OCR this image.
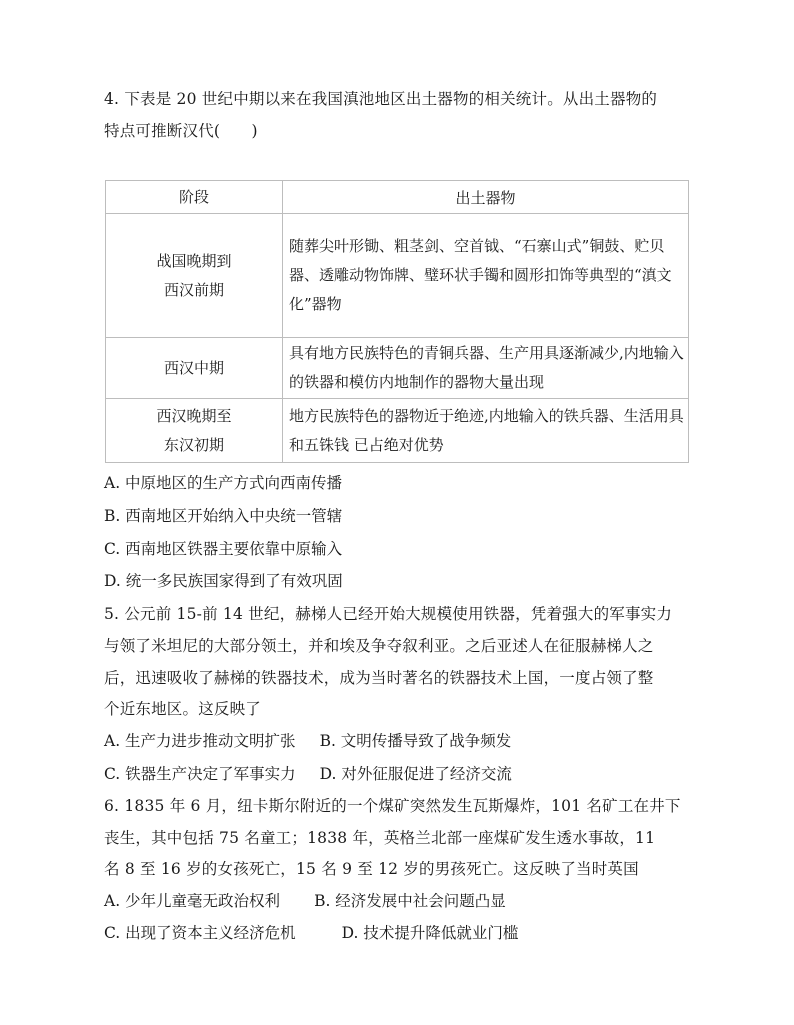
4. 下表是 20 世纪中期以来在我国滇池地区出土器物的相关统计。从出土器物的
特点可推断汉代(　　)
阶段	出土器物

战国晚期到
西汉前期	随葬尖叶形锄、粗茎剑、空首钺、“石寨山式”铜鼓、贮贝器、透雕动物饰牌、璧环状手镯和圆形扣饰等典型的“滇文化”器物

西汉中期	具有地方民族特色的青铜兵器、生产用具逐渐减少,内地输入的铁器和模仿内地制作的器物大量出现

西汉晚期至
东汉初期	地方民族特色的器物近于绝迹,内地输入的铁兵器、生活用具和五铢钱 已占绝对优势
A. 中原地区的生产方式向西南传播
B. 西南地区开始纳入中央统一管辖
C. 西南地区铁器主要依靠中原输入
D. 统一多民族国家得到了有效巩固
5. 公元前 15-前 14 世纪，赫梯人已经开始大规模使用铁器，凭着强大的军事实力
与领了米坦尼的大部分领土，并和埃及争夺叙利亚。之后亚述人在征服赫梯人之
后，迅速吸收了赫梯的铁器技术，成为当时著名的铁器技术上国，一度占领了整
个近东地区。这反映了
A. 生产力进步推动文明扩张 B. 文明传播导致了战争频发
C. 铁器生产决定了军事实力 D. 对外征服促进了经济交流
6. 1835 年 6 月，纽卡斯尔附近的一个煤矿突然发生瓦斯爆炸，101 名矿工在井下
丧生，其中包括 75 名童工；1838 年，英格兰北部一座煤矿发生透水事故，11
名 8 至 16 岁的女孩死亡，15 名 9 至 12 岁的男孩死亡。这反映了当时英国
A. 少年儿童毫无政治权利 B. 经济发展中社会问题凸显
C. 出现了资本主义经济危机	D. 技术提升降低就业门槛
